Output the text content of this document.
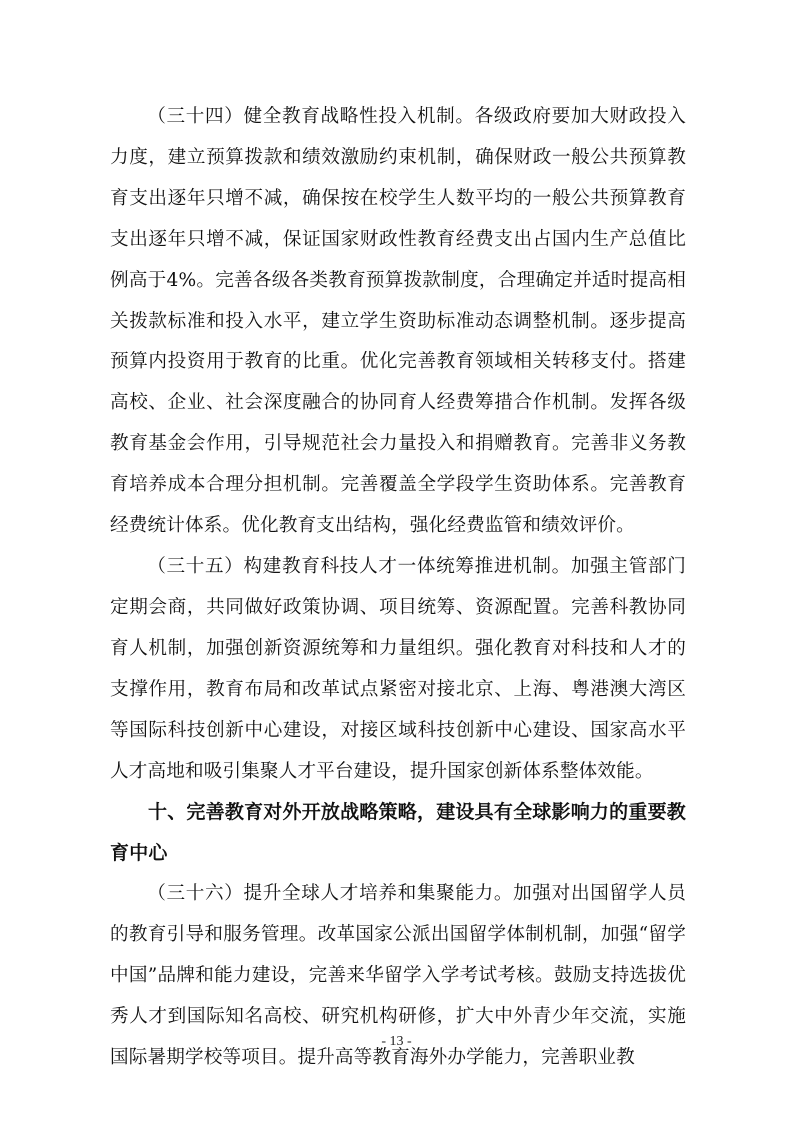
（三十四）健全教育战略性投入机制。各级政府要加大财政投入力度，建立预算拨款和绩效激励约束机制，确保财政一般公共预算教育支出逐年只增不减，确保按在校学生人数平均的一般公共预算教育支出逐年只增不减，保证国家财政性教育经费支出占国内生产总值比例高于4%。完善各级各类教育预算拨款制度，合理确定并适时提高相关拨款标准和投入水平，建立学生资助标准动态调整机制。逐步提高预算内投资用于教育的比重。优化完善教育领域相关转移支付。搭建高校、企业、社会深度融合的协同育人经费筹措合作机制。发挥各级教育基金会作用，引导规范社会力量投入和捐赠教育。完善非义务教育培养成本合理分担机制。完善覆盖全学段学生资助体系。完善教育经费统计体系。优化教育支出结构，强化经费监管和绩效评价。

（三十五）构建教育科技人才一体统筹推进机制。加强主管部门定期会商，共同做好政策协调、项目统筹、资源配置。完善科教协同育人机制，加强创新资源统筹和力量组织。强化教育对科技和人才的支撑作用，教育布局和改革试点紧密对接北京、上海、粤港澳大湾区等国际科技创新中心建设，对接区域科技创新中心建设、国家高水平人才高地和吸引集聚人才平台建设，提升国家创新体系整体效能。

十、完善教育对外开放战略策略，建设具有全球影响力的重要教育中心

（三十六）提升全球人才培养和集聚能力。加强对出国留学人员的教育引导和服务管理。改革国家公派出国留学体制机制，加强“留学中国”品牌和能力建设，完善来华留学入学考试考核。鼓励支持选拔优秀人才到国际知名高校、研究机构研修，扩大中外青少年交流，实施国际暑期学校等项目。提升高等教育海外办学能力，完善职业教

- 13 -
